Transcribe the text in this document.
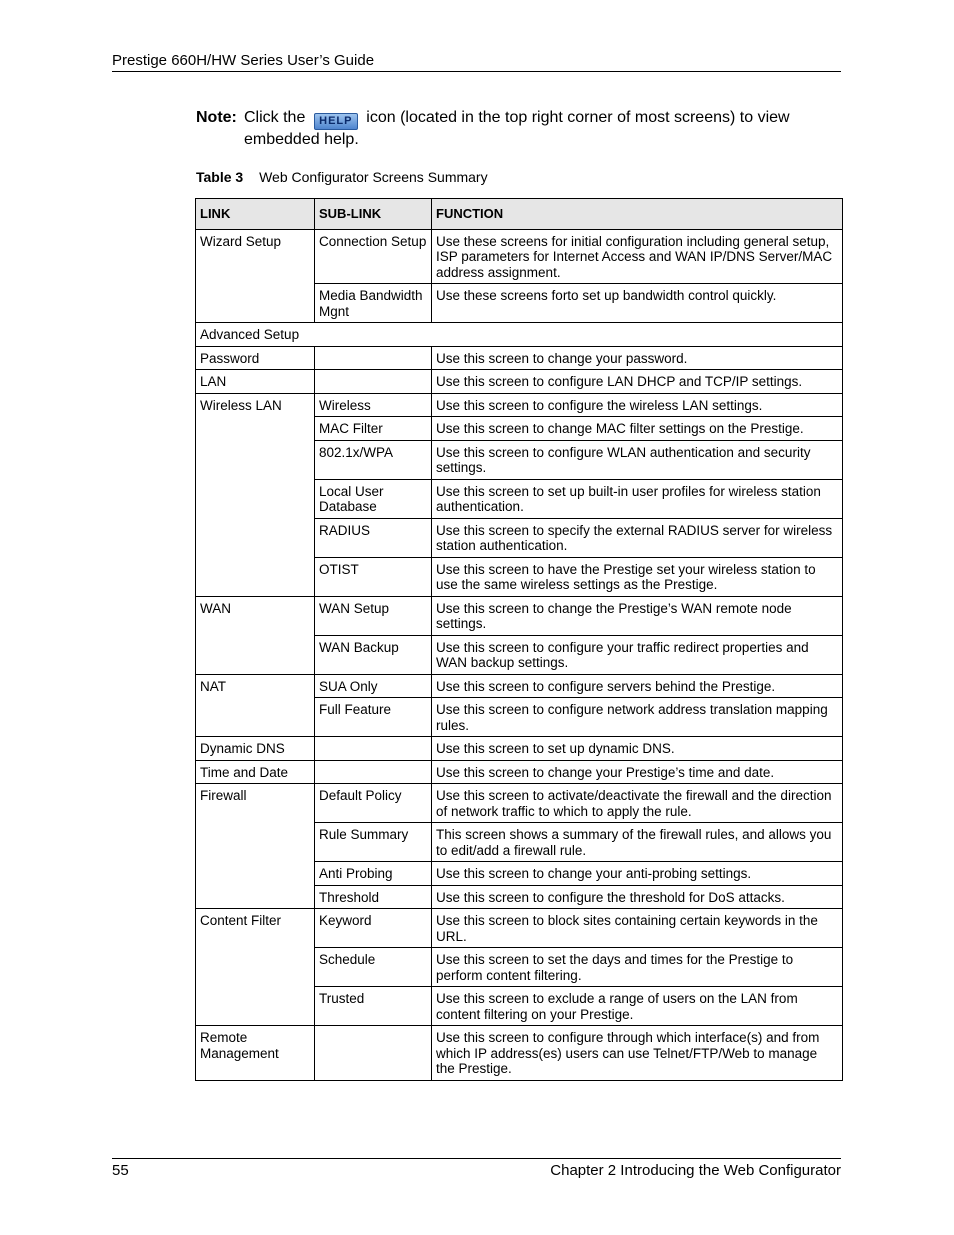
Prestige 660H/HW Series User’s Guide
Note: Click the HELP icon (located in the top right corner of most screens) to view embedded help.
Table 3 Web Configurator Screens Summary
LINK	SUB-LINK	FUNCTION
Wizard Setup	Connection Setup	Use these screens for initial configuration including general setup, ISP parameters for Internet Access and WAN IP/DNS Server/MAC address assignment.
	Media Bandwidth Mgnt	Use these screens forto set up bandwidth control quickly.
Advanced Setup		
Password		Use this screen to change your password.
LAN		Use this screen to configure LAN DHCP and TCP/IP settings.
Wireless LAN	Wireless	Use this screen to configure the wireless LAN settings.
	MAC Filter	Use this screen to change MAC filter settings on the Prestige.
	802.1x/WPA	Use this screen to configure WLAN authentication and security settings.
	Local User Database	Use this screen to set up built-in user profiles for wireless station authentication.
	RADIUS	Use this screen to specify the external RADIUS server for wireless station authentication.
	OTIST	Use this screen to have the Prestige set your wireless station to use the same wireless settings as the Prestige.
WAN	WAN Setup	Use this screen to change the Prestige’s WAN remote node settings.
	WAN Backup	Use this screen to configure your traffic redirect properties and WAN backup settings.
NAT	SUA Only	Use this screen to configure servers behind the Prestige.
	Full Feature	Use this screen to configure network address translation mapping rules.
Dynamic DNS		Use this screen to set up dynamic DNS.
Time and Date		Use this screen to change your Prestige’s time and date.
Firewall	Default Policy	Use this screen to activate/deactivate the firewall and the direction of network traffic to which to apply the rule.
	Rule Summary	This screen shows a summary of the firewall rules, and allows you to edit/add a firewall rule.
	Anti Probing	Use this screen to change your anti-probing settings.
	Threshold	Use this screen to configure the threshold for DoS attacks.
Content Filter	Keyword	Use this screen to block sites containing certain keywords in the URL.
	Schedule	Use this screen to set the days and times for the Prestige to perform content filtering.
	Trusted	Use this screen to exclude a range of users on the LAN from content filtering on your Prestige.
Remote Management		Use this screen to configure through which interface(s) and from which IP address(es) users can use Telnet/FTP/Web to manage the Prestige.
55	Chapter 2 Introducing the Web Configurator
